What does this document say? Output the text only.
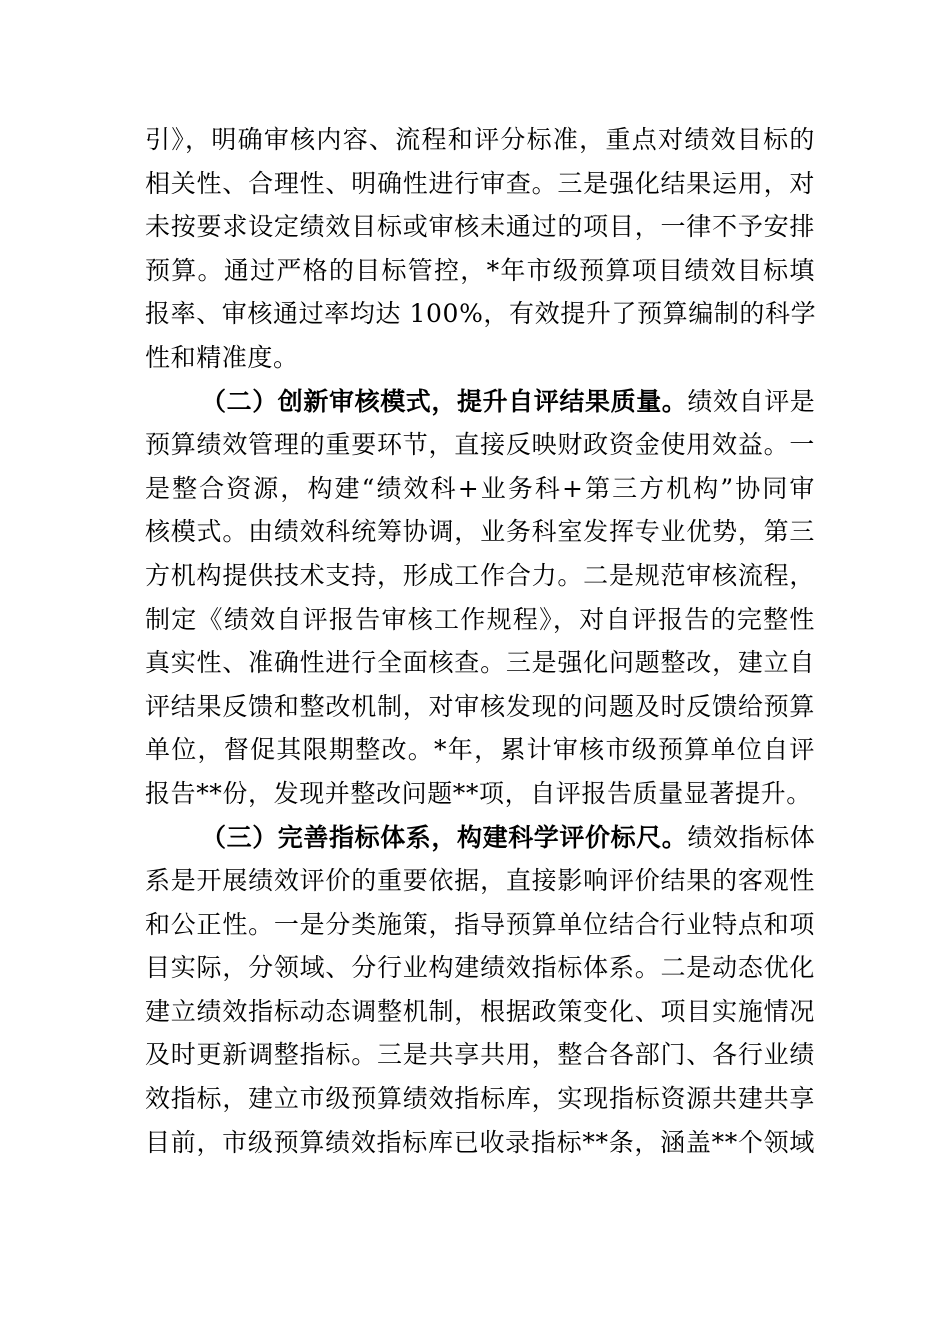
引》，明确审核内容、流程和评分标准，重点对绩效目标的
相关性、合理性、明确性进行审查。三是强化结果运用，对
未按要求设定绩效目标或审核未通过的项目，一律不予安排
预算。通过严格的目标管控，*年市级预算项目绩效目标填
报率、审核通过率均达 100%，有效提升了预算编制的科学
性和精准度。
（二）创新审核模式，提升自评结果质量。绩效自评是
预算绩效管理的重要环节，直接反映财政资金使用效益。一
是整合资源，构建“绩效科+业务科+第三方机构”协同审
核模式。由绩效科统筹协调，业务科室发挥专业优势，第三
方机构提供技术支持，形成工作合力。二是规范审核流程，
制定《绩效自评报告审核工作规程》，对自评报告的完整性
真实性、准确性进行全面核查。三是强化问题整改，建立自
评结果反馈和整改机制，对审核发现的问题及时反馈给预算
单位，督促其限期整改。*年，累计审核市级预算单位自评
报告**份，发现并整改问题**项，自评报告质量显著提升。
（三）完善指标体系，构建科学评价标尺。绩效指标体
系是开展绩效评价的重要依据，直接影响评价结果的客观性
和公正性。一是分类施策，指导预算单位结合行业特点和项
目实际，分领域、分行业构建绩效指标体系。二是动态优化
建立绩效指标动态调整机制，根据政策变化、项目实施情况
及时更新调整指标。三是共享共用，整合各部门、各行业绩
效指标，建立市级预算绩效指标库，实现指标资源共建共享
目前，市级预算绩效指标库已收录指标**条，涵盖**个领域
